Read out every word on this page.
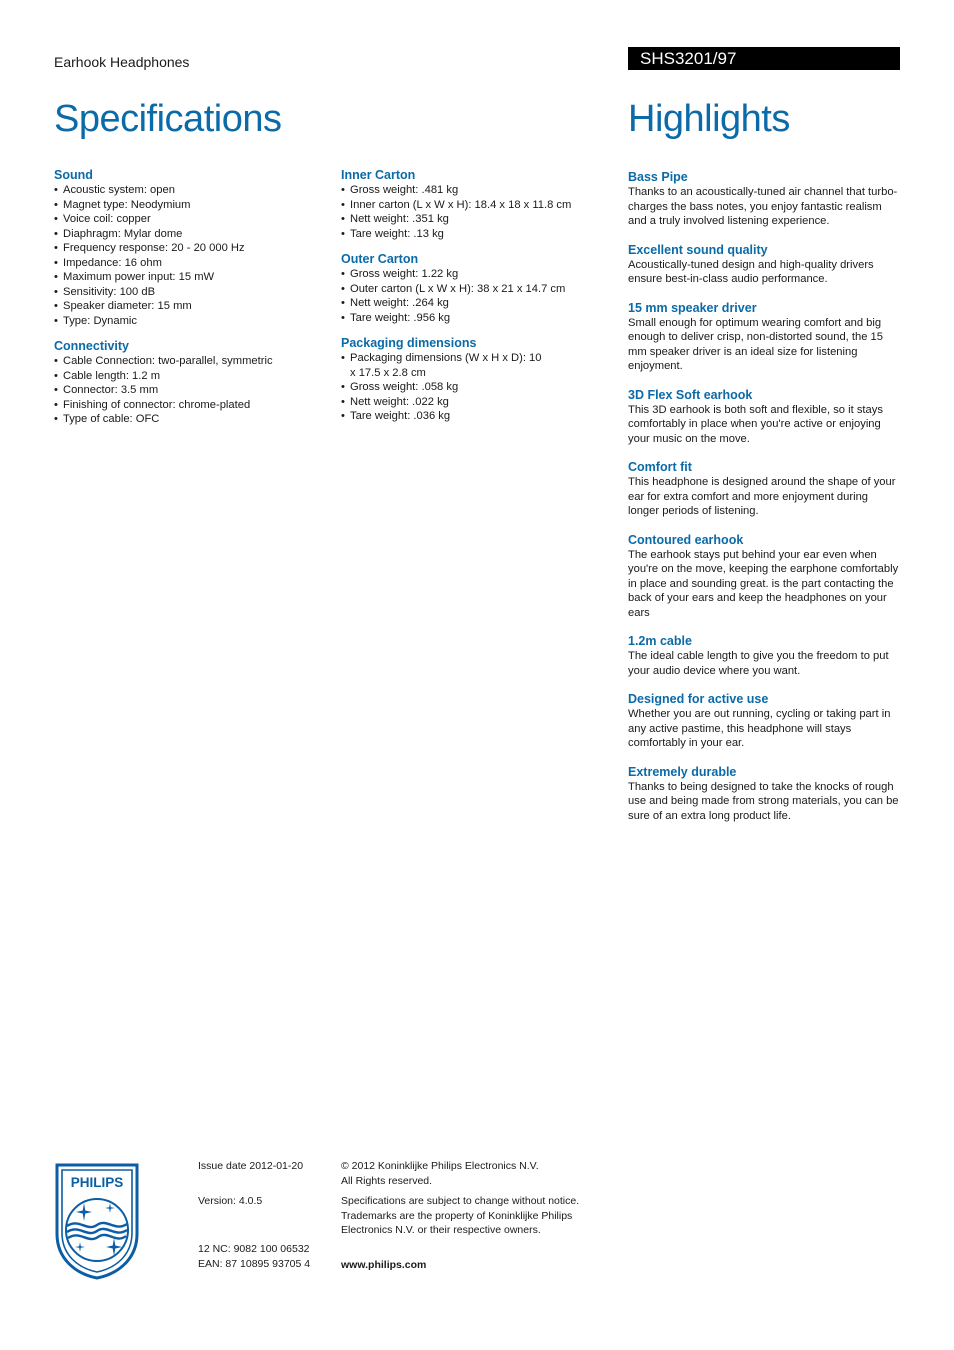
Earhook Headphones	SHS3201/97
Specifications	Highlights
Sound
• Acoustic system: open
• Magnet type: Neodymium
• Voice coil: copper
• Diaphragm: Mylar dome
• Frequency response: 20 - 20 000 Hz
• Impedance: 16 ohm
• Maximum power input: 15 mW
• Sensitivity: 100 dB
• Speaker diameter: 15 mm
• Type: Dynamic
Connectivity
• Cable Connection: two-parallel, symmetric
• Cable length: 1.2 m
• Connector: 3.5 mm
• Finishing of connector: chrome-plated
• Type of cable: OFC
Inner Carton
• Gross weight: .481 kg
• Inner carton (L x W x H): 18.4 x 18 x 11.8 cm
• Nett weight: .351 kg
• Tare weight: .13 kg
Outer Carton
• Gross weight: 1.22 kg
• Outer carton (L x W x H): 38 x 21 x 14.7 cm
• Nett weight: .264 kg
• Tare weight: .956 kg
Packaging dimensions
• Packaging dimensions (W x H x D): 10 x 17.5 x 2.8 cm
• Gross weight: .058 kg
• Nett weight: .022 kg
• Tare weight: .036 kg
Bass Pipe

Thanks to an acoustically-tuned air channel that turbo-charges the bass notes, you enjoy fantastic realism and a truly involved listening experience.

Excellent sound quality

Acoustically-tuned design and high-quality drivers ensure best-in-class audio performance.

15 mm speaker driver

Small enough for optimum wearing comfort and big enough to deliver crisp, non-distorted sound, the 15 mm speaker driver is an ideal size for listening enjoyment.

3D Flex Soft earhook

This 3D earhook is both soft and flexible, so it stays comfortably in place when you're active or enjoying your music on the move.

Comfort fit

This headphone is designed around the shape of your ear for extra comfort and more enjoyment during longer periods of listening.

Contoured earhook

The earhook stays put behind your ear even when you're on the move, keeping the earphone comfortably in place and sounding great. is the part contacting the back of your ears and keep the headphones on your ears

1.2m cable

The ideal cable length to give you the freedom to put your audio device where you want.

Designed for active use

Whether you are out running, cycling or taking part in any active pastime, this headphone will stays comfortably in your ear.

Extremely durable

Thanks to being designed to take the knocks of rough use and being made from strong materials, you can be sure of an extra long product life.

PHILIPS
Issue date 2012-01-20
Version: 4.0.5
12 NC: 9082 100 06532
EAN: 87 10895 93705 4
© 2012 Koninklijke Philips Electronics N.V.
All Rights reserved.
Specifications are subject to change without notice.
Trademarks are the property of Koninklijke Philips
Electronics N.V. or their respective owners.
www.philips.com
